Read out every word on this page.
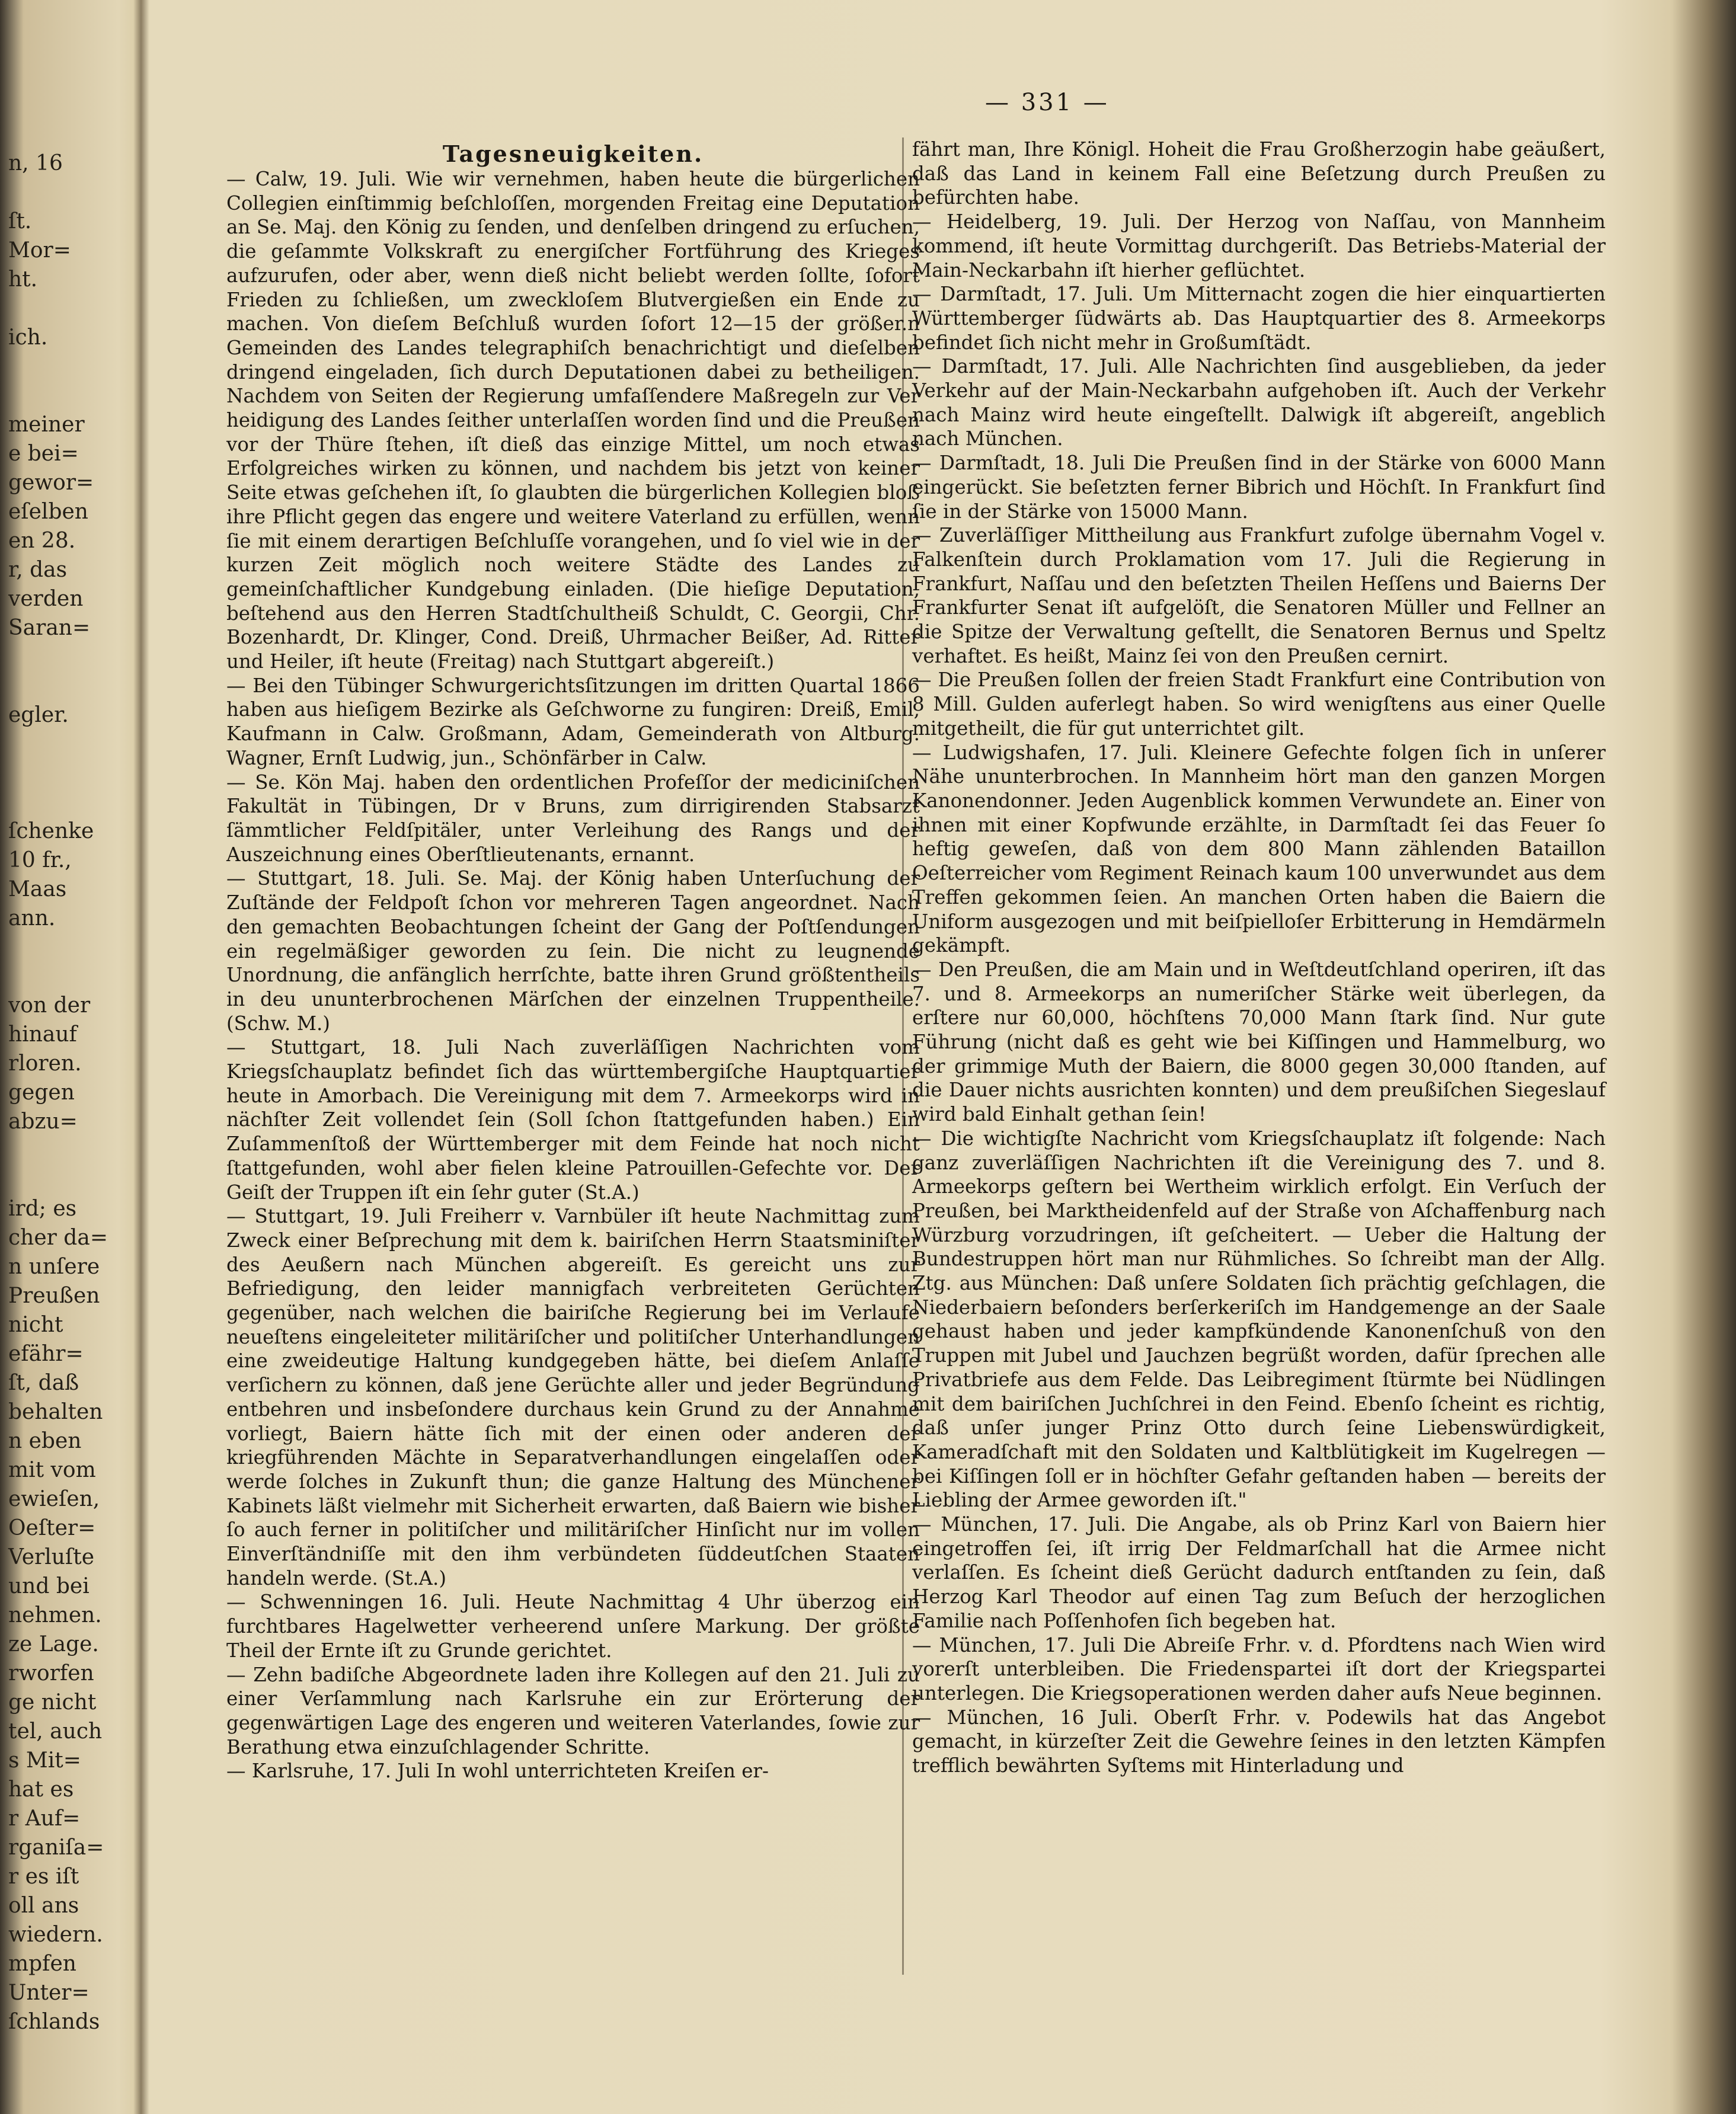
n, 16
ſt.
Mor=
ht.
ich.
meiner
e bei=
gewor=
eſelben
en 28.
r, das
verden
Saran=
egler.
ſchenke
10 fr.,
Maas
ann.
von der
hinauf
rloren.
gegen
abzu=
ird; es
cher da=
n unſere
Preußen
nicht
efähr=
ſt, daß
behalten
n eben
mit vom
ewieſen,
Oeſter=
Verluſte
und bei
nehmen.
ze Lage.
rworfen
ge nicht
tel, auch
s Mit=
hat es
r Auf=
rganiſa=
r es iſt
oll ans
wiedern.
mpfen
Unter=
ſchlands
— 331 —
Tagesneuigkeiten.

— Calw, 19. Juli. Wie wir vernehmen, haben heute die bürgerlichen Collegien einſtimmig beſchloſſen, morgenden Freitag eine Deputation an Se. Maj. den König zu ſenden, und denſelben dringend zu erſuchen, die geſammte Volkskraft zu energiſcher Fortführung des Krieges aufzurufen, oder aber, wenn dieß nicht beliebt werden ſollte, ſofort Frieden zu ſchließen, um zweckloſem Blutvergießen ein Ende zu machen. Von dieſem Beſchluß wurden ſofort 12—15 der größer.n Gemeinden des Landes telegraphiſch benachrichtigt und dieſelben dringend eingeladen, ſich durch Deputationen dabei zu betheiligen. Nachdem von Seiten der Regierung umfaſſendere Maßregeln zur Ver heidigung des Landes ſeither unterlaſſen worden ſind und die Preußen vor der Thüre ſtehen, iſt dieß das einzige Mittel, um noch etwas Erfolgreiches wirken zu können, und nachdem bis jetzt von keiner Seite etwas geſchehen iſt, ſo glaubten die bürgerlichen Kollegien bloß ihre Pflicht gegen das engere und weitere Vaterland zu erfüllen, wenn ſie mit einem derartigen Beſchluſſe vorangehen, und ſo viel wie in der kurzen Zeit möglich noch weitere Städte des Landes zu gemeinſchaftlicher Kundgebung einladen. (Die hieſige Deputation, beſtehend aus den Herren Stadtſchultheiß Schuldt, C. Georgii, Chr. Bozenhardt, Dr. Klinger, Cond. Dreiß, Uhrmacher Beißer, Ad. Ritter und Heiler, iſt heute (Freitag) nach Stuttgart abgereiſt.)

— Bei den Tübinger Schwurgerichtsſitzungen im dritten Quartal 1866 haben aus hieſigem Bezirke als Geſchworne zu fungiren: Dreiß, Emil, Kaufmann in Calw. Großmann, Adam, Gemeinderath von Altburg. Wagner, Ernſt Ludwig, jun., Schönfärber in Calw.

— Se. Kön Maj. haben den ordentlichen Profeſſor der mediciniſchen Fakultät in Tübingen, Dr v Bruns, zum dirrigirenden Stabsarzt ſämmtlicher Feldſpitäler, unter Verleihung des Rangs und der Auszeichnung eines Oberſtlieutenants, ernannt.

— Stuttgart, 18. Juli. Se. Maj. der König haben Unterſuchung der Zuſtände der Feldpoſt ſchon vor mehreren Tagen angeordnet. Nach den gemachten Beobachtungen ſcheint der Gang der Poſtſendungen ein regelmäßiger geworden zu ſein. Die nicht zu leugnende Unordnung, die anfänglich herrſchte, batte ihren Grund größtentheils in deu ununterbrochenen Märſchen der einzelnen Truppentheile. (Schw. M.)

— Stuttgart, 18. Juli Nach zuverläſſigen Nachrichten vom Kriegsſchauplatz befindet ſich das württembergiſche Hauptquartier heute in Amorbach. Die Vereinigung mit dem 7. Armeekorps wird in nächſter Zeit vollendet ſein (Soll ſchon ſtattgefunden haben.) Ein Zuſammenſtoß der Württemberger mit dem Feinde hat noch nicht ſtattgefunden, wohl aber fielen kleine Patrouillen-Gefechte vor. Der Geiſt der Truppen iſt ein ſehr guter (St.A.)

— Stuttgart, 19. Juli Freiherr v. Varnbüler iſt heute Nachmittag zum Zweck einer Beſprechung mit dem k. bairiſchen Herrn Staatsminiſter des Aeußern nach München abgereiſt. Es gereicht uns zur Befriedigung, den leider mannigfach verbreiteten Gerüchten gegenüber, nach welchen die bairiſche Regierung bei im Verlaufe neueſtens eingeleiteter militäriſcher und politiſcher Unterhandlungen eine zweideutige Haltung kundgegeben hätte, bei dieſem Anlaſſe verſichern zu können, daß jene Gerüchte aller und jeder Begründung entbehren und insbeſondere durchaus kein Grund zu der Annahme vorliegt, Baiern hätte ſich mit der einen oder anderen der kriegführenden Mächte in Separatverhandlungen eingelaſſen oder werde ſolches in Zukunft thun; die ganze Haltung des Münchener Kabinets läßt vielmehr mit Sicherheit erwarten, daß Baiern wie bisher ſo auch ferner in politiſcher und militäriſcher Hinſicht nur im vollen Einverſtändniſſe mit den ihm verbündeten ſüddeutſchen Staaten handeln werde. (St.A.)

— Schwenningen 16. Juli. Heute Nachmittag 4 Uhr überzog ein furchtbares Hagelwetter verheerend unſere Markung. Der größte Theil der Ernte iſt zu Grunde gerichtet.

— Zehn badiſche Abgeordnete laden ihre Kollegen auf den 21. Juli zu einer Verſammlung nach Karlsruhe ein zur Erörterung der gegenwärtigen Lage des engeren und weiteren Vaterlandes, ſowie zur Berathung etwa einzuſchlagender Schritte.

— Karlsruhe, 17. Juli In wohl unterrichteten Kreiſen er-

fährt man, Ihre Königl. Hoheit die Frau Großherzogin habe geäußert, daß das Land in keinem Fall eine Beſetzung durch Preußen zu befürchten habe.

— Heidelberg, 19. Juli. Der Herzog von Naſſau, von Mannheim kommend, iſt heute Vormittag durchgeriſt. Das Betriebs-Material der Main-Neckarbahn iſt hierher geflüchtet.

— Darmſtadt, 17. Juli. Um Mitternacht zogen die hier einquartierten Württemberger ſüdwärts ab. Das Hauptquartier des 8. Armeekorps befindet ſich nicht mehr in Großumſtädt.

— Darmſtadt, 17. Juli. Alle Nachrichten ſind ausgeblieben, da jeder Verkehr auf der Main-Neckarbahn aufgehoben iſt. Auch der Verkehr nach Mainz wird heute eingeſtellt. Dalwigk iſt abgereiſt, angeblich nach München.

— Darmſtadt, 18. Juli Die Preußen ſind in der Stärke von 6000 Mann eingerückt. Sie beſetzten ferner Bibrich und Höchſt. In Frankfurt ſind ſie in der Stärke von 15000 Mann.

— Zuverläſſiger Mittheilung aus Frankfurt zufolge übernahm Vogel v. Falkenſtein durch Proklamation vom 17. Juli die Regierung in Frankfurt, Naſſau und den beſetzten Theilen Heſſens und Baierns Der Frankfurter Senat iſt aufgelöſt, die Senatoren Müller und Fellner an die Spitze der Verwaltung geſtellt, die Senatoren Bernus und Speltz verhaftet. Es heißt, Mainz ſei von den Preußen cernirt.

— Die Preußen ſollen der freien Stadt Frankfurt eine Contribution von 8 Mill. Gulden auferlegt haben. So wird wenigſtens aus einer Quelle mitgetheilt, die für gut unterrichtet gilt.

— Ludwigshafen, 17. Juli. Kleinere Gefechte folgen ſich in unſerer Nähe ununterbrochen. In Mannheim hört man den ganzen Morgen Kanonendonner. Jeden Augenblick kommen Verwundete an. Einer von ihnen mit einer Kopfwunde erzählte, in Darmſtadt ſei das Feuer ſo heftig geweſen, daß von dem 800 Mann zählenden Bataillon Oeſterreicher vom Regiment Reinach kaum 100 unverwundet aus dem Treffen gekommen ſeien. An manchen Orten haben die Baiern die Uniform ausgezogen und mit beiſpielloſer Erbitterung in Hemdärmeln gekämpft.

— Den Preußen, die am Main und in Weſtdeutſchland operiren, iſt das 7. und 8. Armeekorps an numeriſcher Stärke weit überlegen, da erſtere nur 60,000, höchſtens 70,000 Mann ſtark ſind. Nur gute Führung (nicht daß es geht wie bei Kiſſingen und Hammelburg, wo der grimmige Muth der Baiern, die 8000 gegen 30,000 ſtanden, auf die Dauer nichts ausrichten konnten) und dem preußiſchen Siegeslauf wird bald Einhalt gethan ſein!

— Die wichtigſte Nachricht vom Kriegsſchauplatz iſt folgende: Nach ganz zuverläſſigen Nachrichten iſt die Vereinigung des 7. und 8. Armeekorps geſtern bei Wertheim wirklich erfolgt. Ein Verſuch der Preußen, bei Marktheidenfeld auf der Straße von Aſchaffenburg nach Würzburg vorzudringen, iſt geſcheitert. — Ueber die Haltung der Bundestruppen hört man nur Rühmliches. So ſchreibt man der Allg. Ztg. aus München: Daß unſere Soldaten ſich prächtig geſchlagen, die Niederbaiern beſonders berſerkeriſch im Handgemenge an der Saale gehaust haben und jeder kampfkündende Kanonenſchuß von den Truppen mit Jubel und Jauchzen begrüßt worden, dafür ſprechen alle Privatbriefe aus dem Felde. Das Leibregiment ſtürmte bei Nüdlingen mit dem bairiſchen Juchſchrei in den Feind. Ebenſo ſcheint es richtig, daß unſer junger Prinz Otto durch ſeine Liebenswürdigkeit, Kameradſchaft mit den Soldaten und Kaltblütigkeit im Kugelregen — bei Kiſſingen ſoll er in höchſter Gefahr geſtanden haben — bereits der Liebling der Armee geworden iſt."

— München, 17. Juli. Die Angabe, als ob Prinz Karl von Baiern hier eingetroffen ſei, iſt irrig Der Feldmarſchall hat die Armee nicht verlaſſen. Es ſcheint dieß Gerücht dadurch entſtanden zu ſein, daß Herzog Karl Theodor auf einen Tag zum Beſuch der herzoglichen Familie nach Poſſenhofen ſich begeben hat.

— München, 17. Juli Die Abreiſe Frhr. v. d. Pfordtens nach Wien wird vorerſt unterbleiben. Die Friedenspartei iſt dort der Kriegspartei unterlegen. Die Kriegsoperationen werden daher aufs Neue beginnen.

— München, 16 Juli. Oberſt Frhr. v. Podewils hat das Angebot gemacht, in kürzeſter Zeit die Gewehre ſeines in den letzten Kämpfen trefflich bewährten Syſtems mit Hinterladung und
